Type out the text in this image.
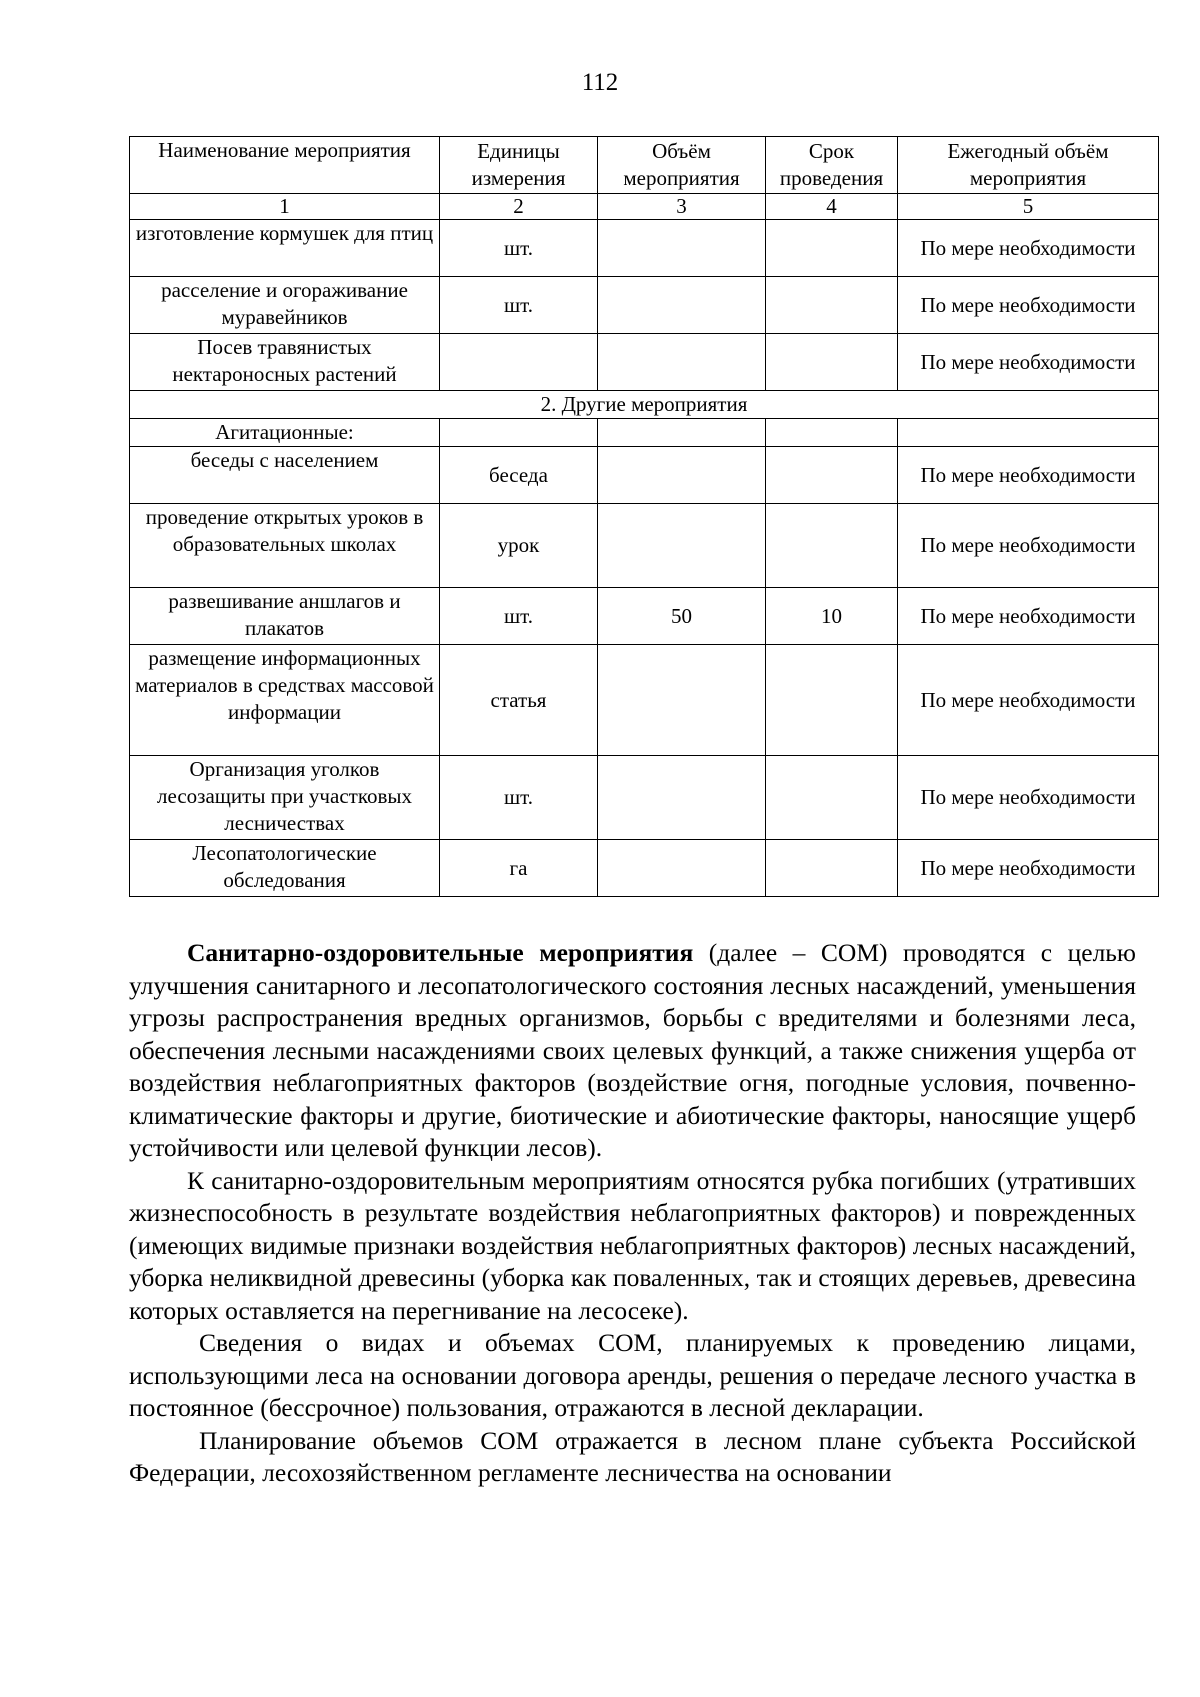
112
Наименование мероприятия	Единицы измерения	Объём мероприятия	Срок проведения	Ежегодный объём мероприятия
1	2	3	4	5
изготовление кормушек для птиц	шт.			По мере необходимости
расселение и огораживание муравейников	шт.			По мере необходимости
Посев травянистых нектароносных растений				По мере необходимости
2. Другие мероприятия				
Агитационные:				
беседы с населением	беседа			По мере необходимости
проведение открытых уроков в образовательных школах	урок			По мере необходимости
развешивание аншлагов и плакатов	шт.	50	10	По мере необходимости
размещение информационных материалов в средствах массовой информации	статья			По мере необходимости
Организация уголков лесозащиты при участковых лесничествах	шт.			По мере необходимости
Лесопатологические обследования	га			По мере необходимости

Санитарно-оздоровительные мероприятия (далее – СОМ) проводятся с целью улучшения санитарного и лесопатологического состояния лесных насаждений, уменьшения угрозы распространения вредных организмов, борьбы с вредителями и болезнями леса, обеспечения лесными насаждениями своих целевых функций, а также снижения ущерба от воздействия неблагоприятных факторов (воздействие огня, погодные условия, почвенно-климатические факторы и другие, биотические и абиотические факторы, наносящие ущерб устойчивости или целевой функции лесов).

К санитарно-оздоровительным мероприятиям относятся рубка погибших (утративших жизнеспособность в результате воздействия неблагоприятных факторов) и поврежденных (имеющих видимые признаки воздействия неблагоприятных факторов) лесных насаждений, уборка неликвидной древесины (уборка как поваленных, так и стоящих деревьев, древесина которых оставляется на перегнивание на лесосеке).

Сведения о видах и объемах СОМ, планируемых к проведению лицами, использующими леса на основании договора аренды, решения о передаче лесного участка в постоянное (бессрочное) пользования, отражаются в лесной декларации.

Планирование объемов СОМ отражается в лесном плане субъекта Российской Федерации, лесохозяйственном регламенте лесничества на основании
